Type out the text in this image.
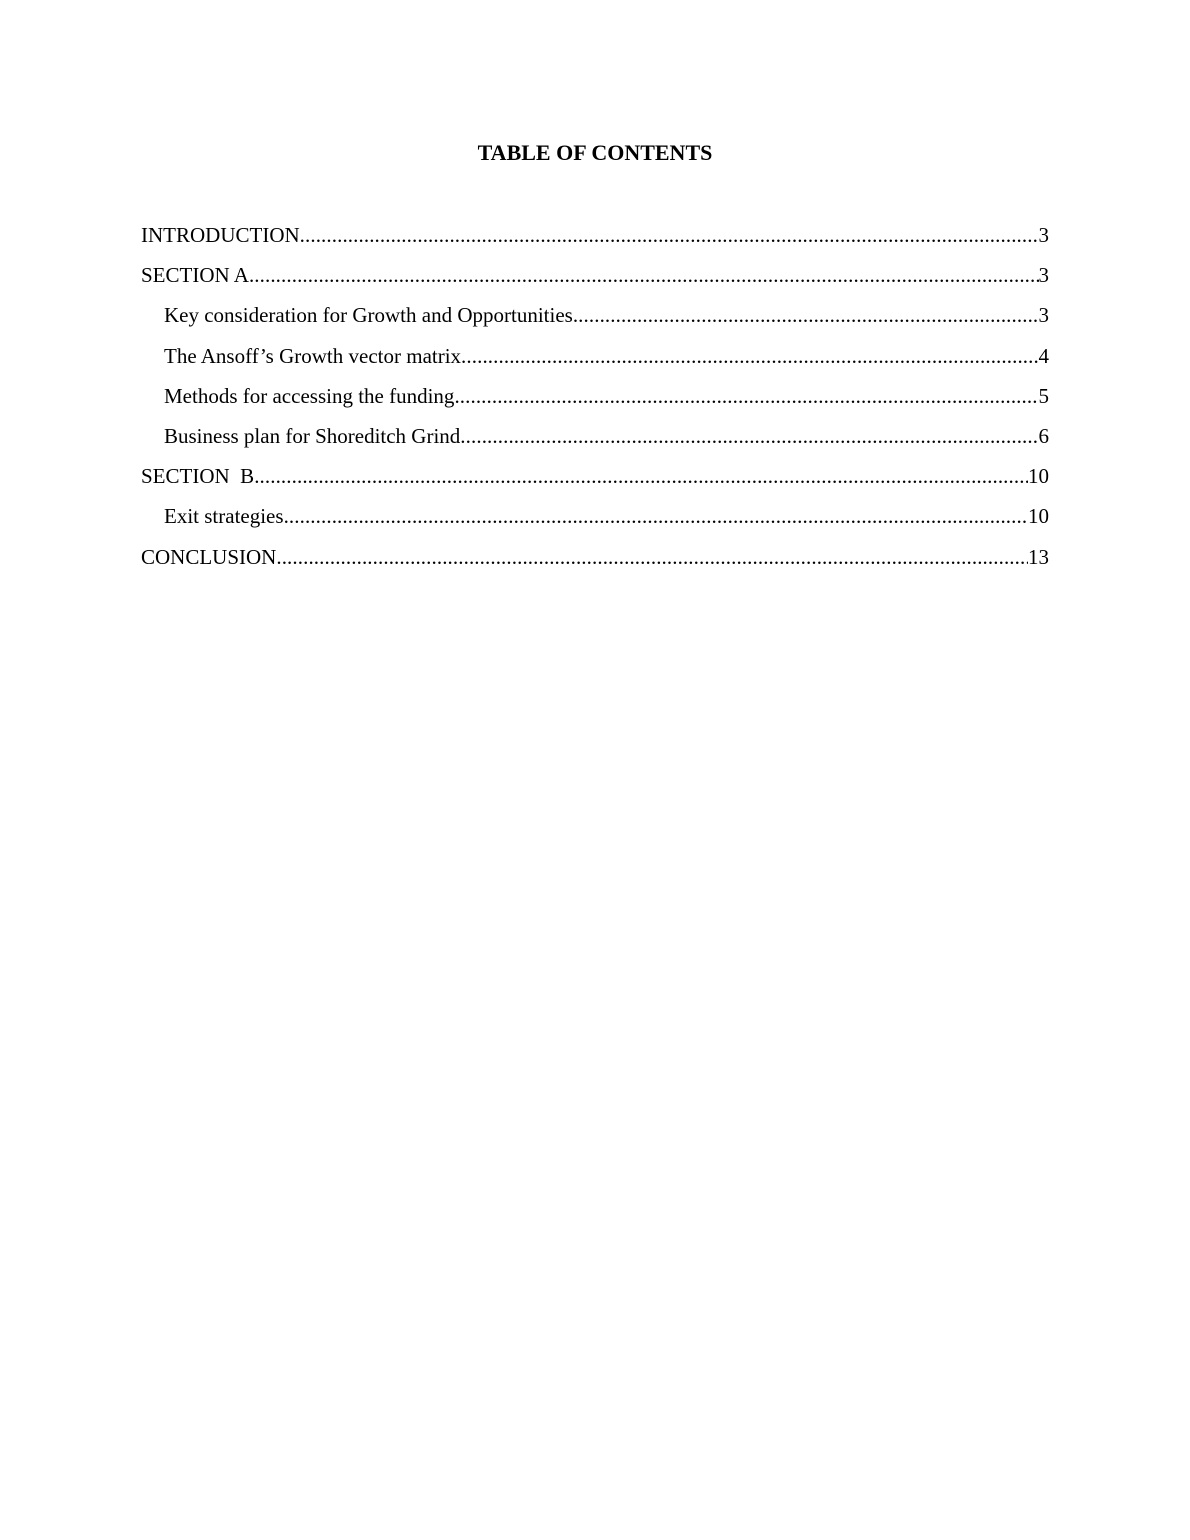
TABLE OF CONTENTS
INTRODUCTION .....	3
SECTION A .....	3
Key consideration for Growth and Opportunities .....	3
The Ansoff’s Growth vector matrix .....	4
Methods for accessing the funding .....	5
Business plan for Shoreditch Grind .....	6
SECTION  B .....	10
Exit strategies .....	10
CONCLUSION .....	13
